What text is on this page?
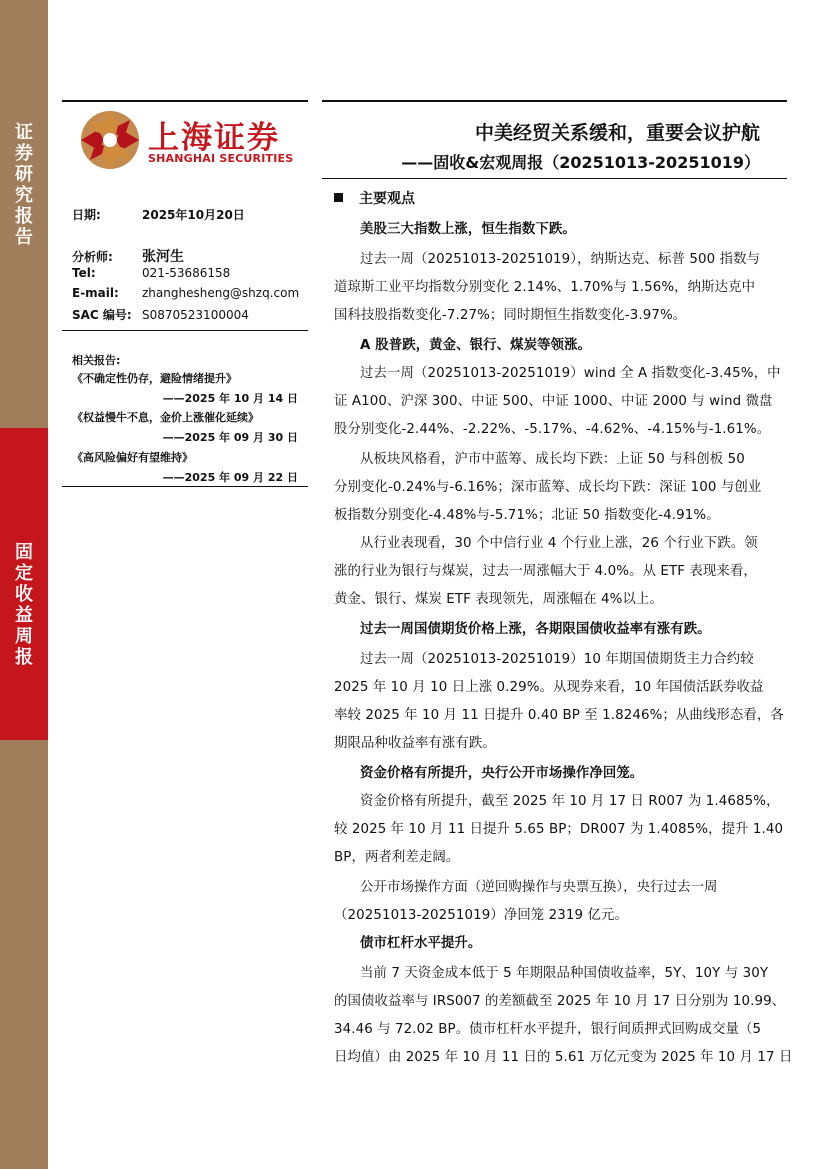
证
券
研
究
报
告
固
定
收
益
周
报
上海证券
SHANGHAI SECURITIES
中美经贸关系缓和，重要会议护航
——固收&宏观周报（20251013-20251019）
日期:	2025年10月20日
分析师: 张河生
Tel:	021-53686158
E-mail: zhanghesheng@shzq.com
SAC 编号: S0870523100004
相关报告:
《不确定性仍存，避险情绪提升》
——2025 年 10 月 14 日
《权益慢牛不息，金价上涨催化延续》
——2025 年 09 月 30 日
《高风险偏好有望维持》
——2025 年 09 月 22 日
主要观点
美股三大指数上涨，恒生指数下跌。
过去一周（20251013-20251019），纳斯达克、标普 500 指数与
道琼斯工业平均指数分别变化 2.14%、1.70%与 1.56%，纳斯达克中
国科技股指数变化-7.27%；同时期恒生指数变化-3.97%。
A 股普跌，黄金、银行、煤炭等领涨。
过去一周（20251013-20251019）wind 全 A 指数变化-3.45%，中
证 A100、沪深 300、中证 500、中证 1000、中证 2000 与 wind 微盘
股分别变化-2.44%、-2.22%、-5.17%、-4.62%、-4.15%与-1.61%。
从板块风格看，沪市中蓝筹、成长均下跌：上证 50 与科创板 50
分别变化-0.24%与-6.16%；深市蓝筹、成长均下跌：深证 100 与创业
板指数分别变化-4.48%与-5.71%；北证 50 指数变化-4.91%。
从行业表现看，30 个中信行业 4 个行业上涨，26 个行业下跌。领
涨的行业为银行与煤炭，过去一周涨幅大于 4.0%。从 ETF 表现来看，
黄金、银行、煤炭 ETF 表现领先，周涨幅在 4%以上。
过去一周国债期货价格上涨，各期限国债收益率有涨有跌。
过去一周（20251013-20251019）10 年期国债期货主力合约较
2025 年 10 月 10 日上涨 0.29%。从现券来看，10 年国债活跃券收益
率较 2025 年 10 月 11 日提升 0.40 BP 至 1.8246%；从曲线形态看，各
期限品种收益率有涨有跌。
资金价格有所提升，央行公开市场操作净回笼。
资金价格有所提升，截至 2025 年 10 月 17 日 R007 为 1.4685%，
较 2025 年 10 月 11 日提升 5.65 BP；DR007 为 1.4085%，提升 1.40
BP，两者利差走阔。
公开市场操作方面（逆回购操作与央票互换），央行过去一周
（20251013-20251019）净回笼 2319 亿元。
债市杠杆水平提升。
当前 7 天资金成本低于 5 年期限品种国债收益率，5Y、10Y 与 30Y
的国债收益率与 IRS007 的差额截至 2025 年 10 月 17 日分别为 10.99、
34.46 与 72.02 BP。债市杠杆水平提升，银行间质押式回购成交量（5
日均值）由 2025 年 10 月 11 日的 5.61 万亿元变为 2025 年 10 月 17 日
